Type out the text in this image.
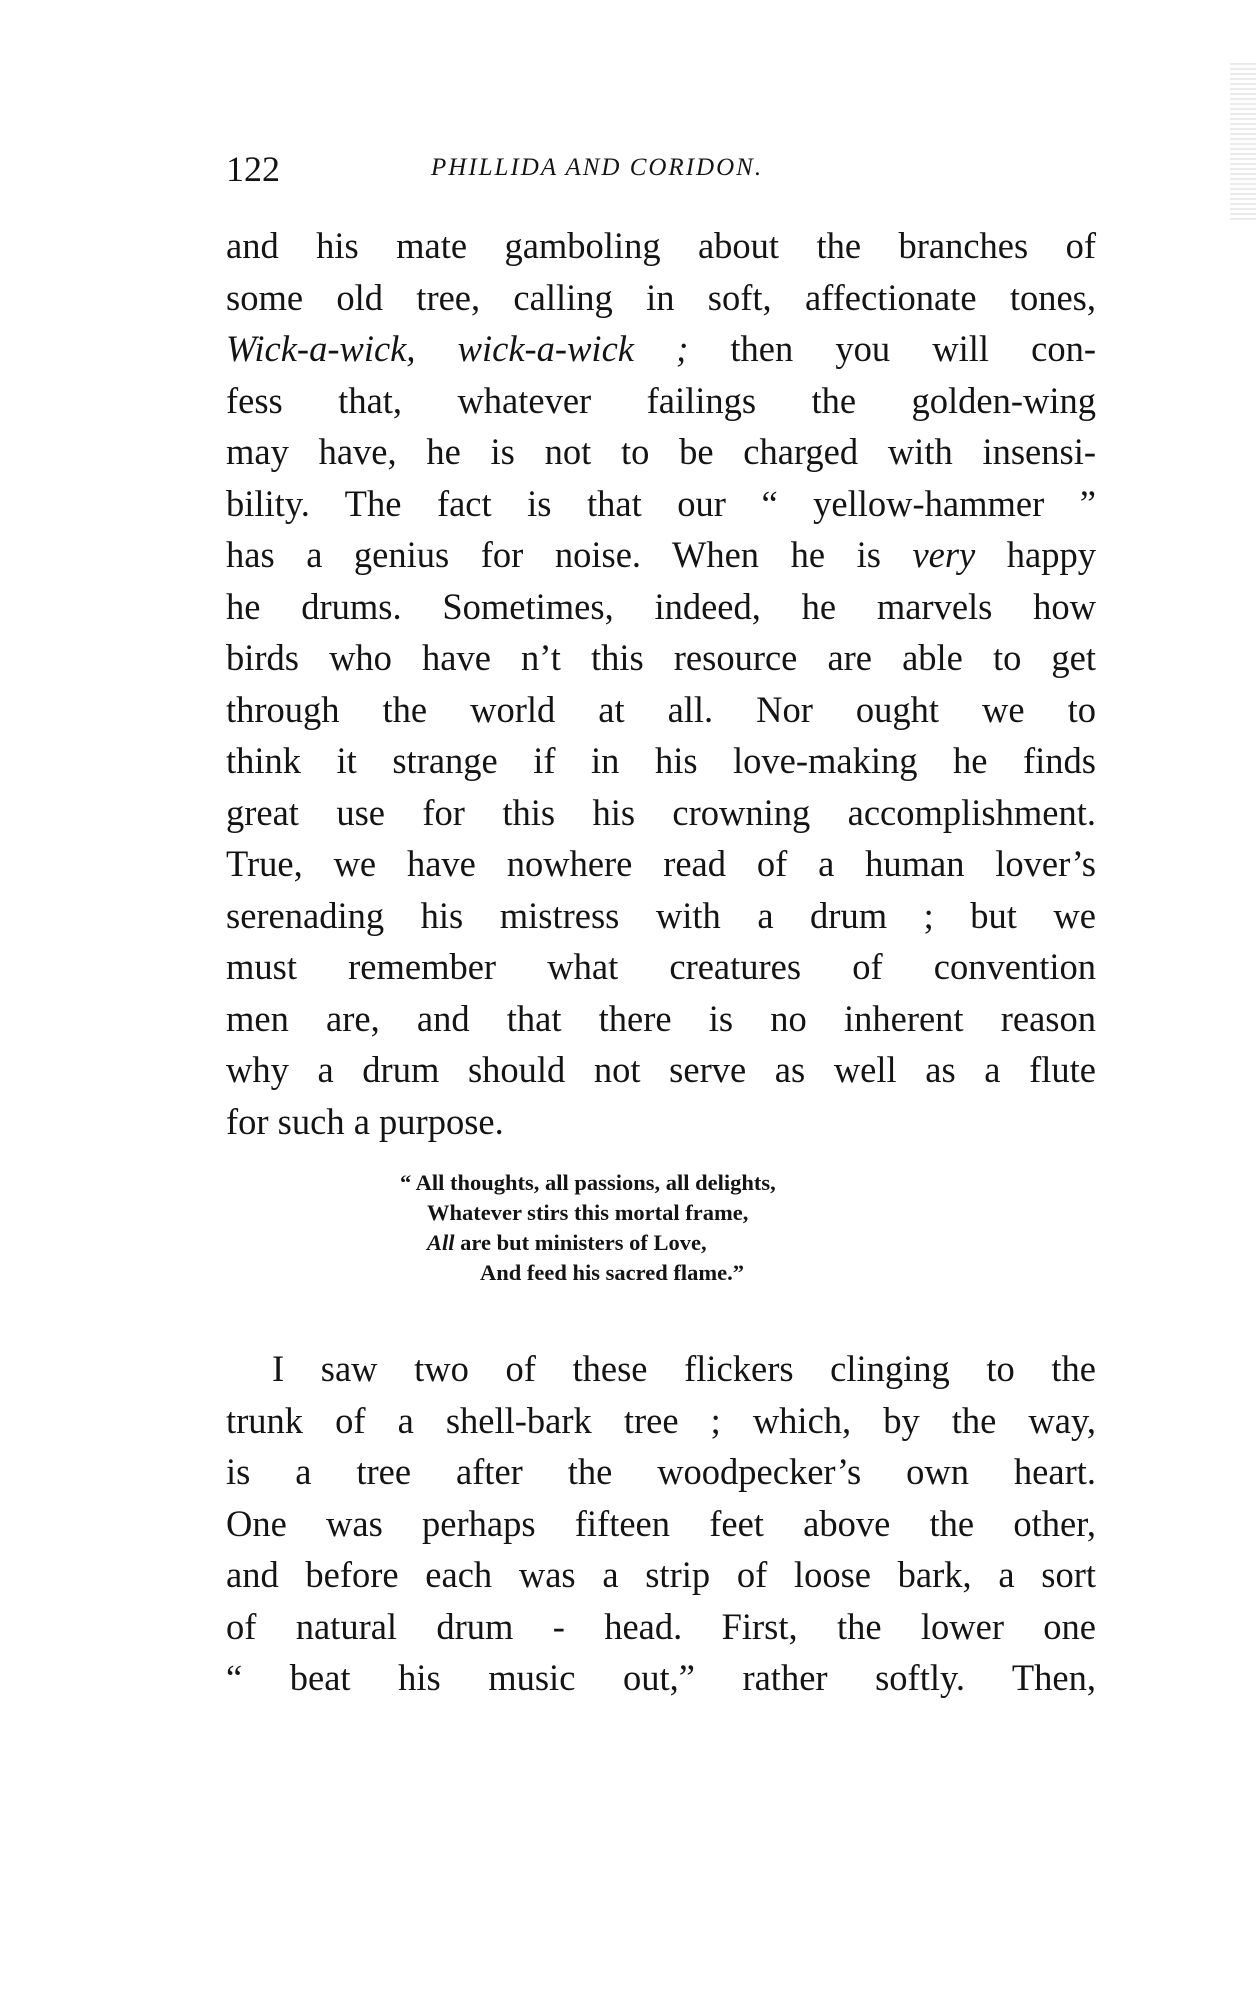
122	PHILLIDA AND CORIDON.
and his mate gamboling about the branches of
some old tree, calling in soft, affectionate tones,
Wick-a-wick, wick-a-wick ; then you will con-
fess that, whatever failings the golden-wing
may have, he is not to be charged with insensi-
bility. The fact is that our “ yellow-hammer ”
has a genius for noise. When he is very happy
he drums. Sometimes, indeed, he marvels how
birds who have n’t this resource are able to get
through the world at all. Nor ought we to
think it strange if in his love-making he finds
great use for this his crowning accomplishment.
True, we have nowhere read of a human lover’s
serenading his mistress with a drum ; but we
must remember what creatures of convention
men are, and that there is no inherent reason
why a drum should not serve as well as a flute
for such a purpose.
“ All thoughts, all passions, all delights,
Whatever stirs this mortal frame,
All are but ministers of Love,
And feed his sacred flame.”
I saw two of these flickers clinging to the
trunk of a shell-bark tree ; which, by the way,
is a tree after the woodpecker’s own heart.
One was perhaps fifteen feet above the other,
and before each was a strip of loose bark, a sort
of natural drum - head. First, the lower one
“ beat his music out,” rather softly. Then,
